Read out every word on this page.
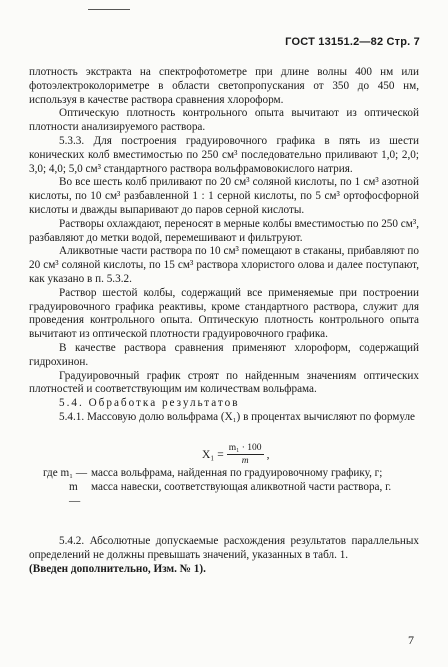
ГОСТ 13151.2—82 Стр. 7

плотность экстракта на спектрофотометре при длине волны 400 нм или фотоэлектроколориметре в области светопропускания от 350 до 450 нм, используя в качестве раствора сравнения хлороформ.

Оптическую плотность контрольного опыта вычитают из оптической плотности анализируемого раствора.

5.3.3. Для построения градуировочного графика в пять из шести конических колб вместимостью по 250 см³ последовательно приливают 1,0; 2,0; 3,0; 4,0; 5,0 см³ стандартного раствора вольфрамовокислого натрия.

Во все шесть колб приливают по 20 см³ соляной кислоты, по 1 см³ азотной кислоты, по 10 см³ разбавленной 1 : 1 серной кислоты, по 5 см³ ортофосфорной кислоты и дважды выпаривают до паров серной кислоты.

Растворы охлаждают, переносят в мерные колбы вместимостью по 250 см³, разбавляют до метки водой, перемешивают и фильтруют.

Аликвотные части раствора по 10 см³ помещают в стаканы, прибавляют по 20 см³ соляной кислоты, по 15 см³ раствора хлористого олова и далее поступают, как указано в п. 5.3.2.

Раствор шестой колбы, содержащий все применяемые при построении градуировочного графика реактивы, кроме стандартного раствора, служит для проведения контрольного опыта. Оптическую плотность контрольного опыта вычитают из оптической плотности градуировочного графика.

В качестве раствора сравнения применяют хлороформ, содержащий гидрохинон.

Градуировочный график строят по найденным значениям оптических плотностей и соответствующим им количествам вольфрама.

5.4. Обработка результатов

5.4.1. Массовую долю вольфрама (X₁) в процентах вычисляют по формуле

$X_1 = \frac{\text{m₁ · 100}}{m}$ ,
где m₁ — масса вольфрама, найденная по градуировочному графику, г;
m —
масса навески, соответствующая аликвотной части раствора, г.

5.4.2. Абсолютные допускаемые расхождения результатов параллельных определений не должны превышать значений, указанных в табл. 1.

(Введен дополнительно, Изм. № 1).

7
